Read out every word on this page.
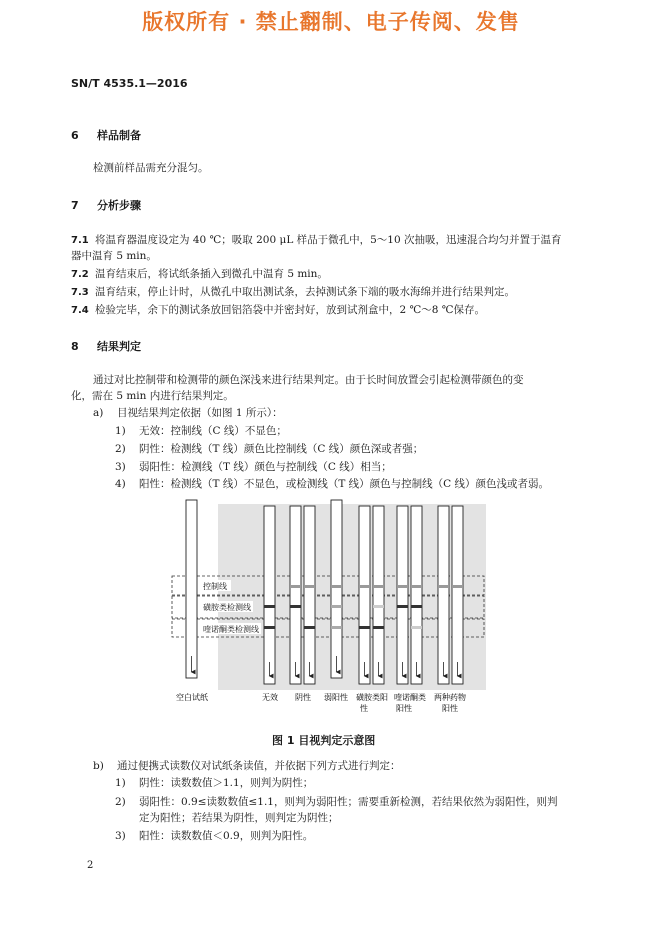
版权所有 · 禁止翻制、电子传阅、发售
SN/T 4535.1—2016
6 样品制备
检测前样品需充分混匀。
7 分析步骤
7.1 将温育器温度设定为 40 ℃；吸取 200 μL 样品于微孔中，5～10 次抽吸，迅速混合均匀并置于温育
器中温育 5 min。
7.2 温育结束后，将试纸条插入到微孔中温育 5 min。
7.3 温育结束，停止计时，从微孔中取出测试条，去掉测试条下端的吸水海绵并进行结果判定。
7.4 检验完毕，余下的测试条放回铝箔袋中并密封好，放到试剂盒中，2 ℃～8 ℃保存。
8 结果判定
通过对比控制带和检测带的颜色深浅来进行结果判定。由于长时间放置会引起检测带颜色的变
化，需在 5 min 内进行结果判定。
a) 目视结果判定依据（如图 1 所示）：
1) 无效：控制线（C 线）不显色；
2) 阴性：检测线（T 线）颜色比控制线（C 线）颜色深或者强；
3) 弱阳性：检测线（T 线）颜色与控制线（C 线）相当；
4) 阳性：检测线（T 线）不显色，或检测线（T 线）颜色与控制线（C 线）颜色浅或者弱。
控制线
磺胺类检测线
喹诺酮类检测线
空白试纸	无效 阴性 弱阳性 磺胺类阳
性
喹诺酮类
阳性
两种药物
阳性
图 1 目视判定示意图
b) 通过便携式读数仪对试纸条读值，并依据下列方式进行判定：
1) 阴性：读数数值＞1.1，则判为阴性；
2) 弱阳性：0.9≤读数数值≤1.1，则判为弱阳性；需要重新检测，若结果依然为弱阳性，则判
定为阳性；若结果为阴性，则判定为阴性；
3) 阳性：读数数值＜0.9，则判为阳性。
2
